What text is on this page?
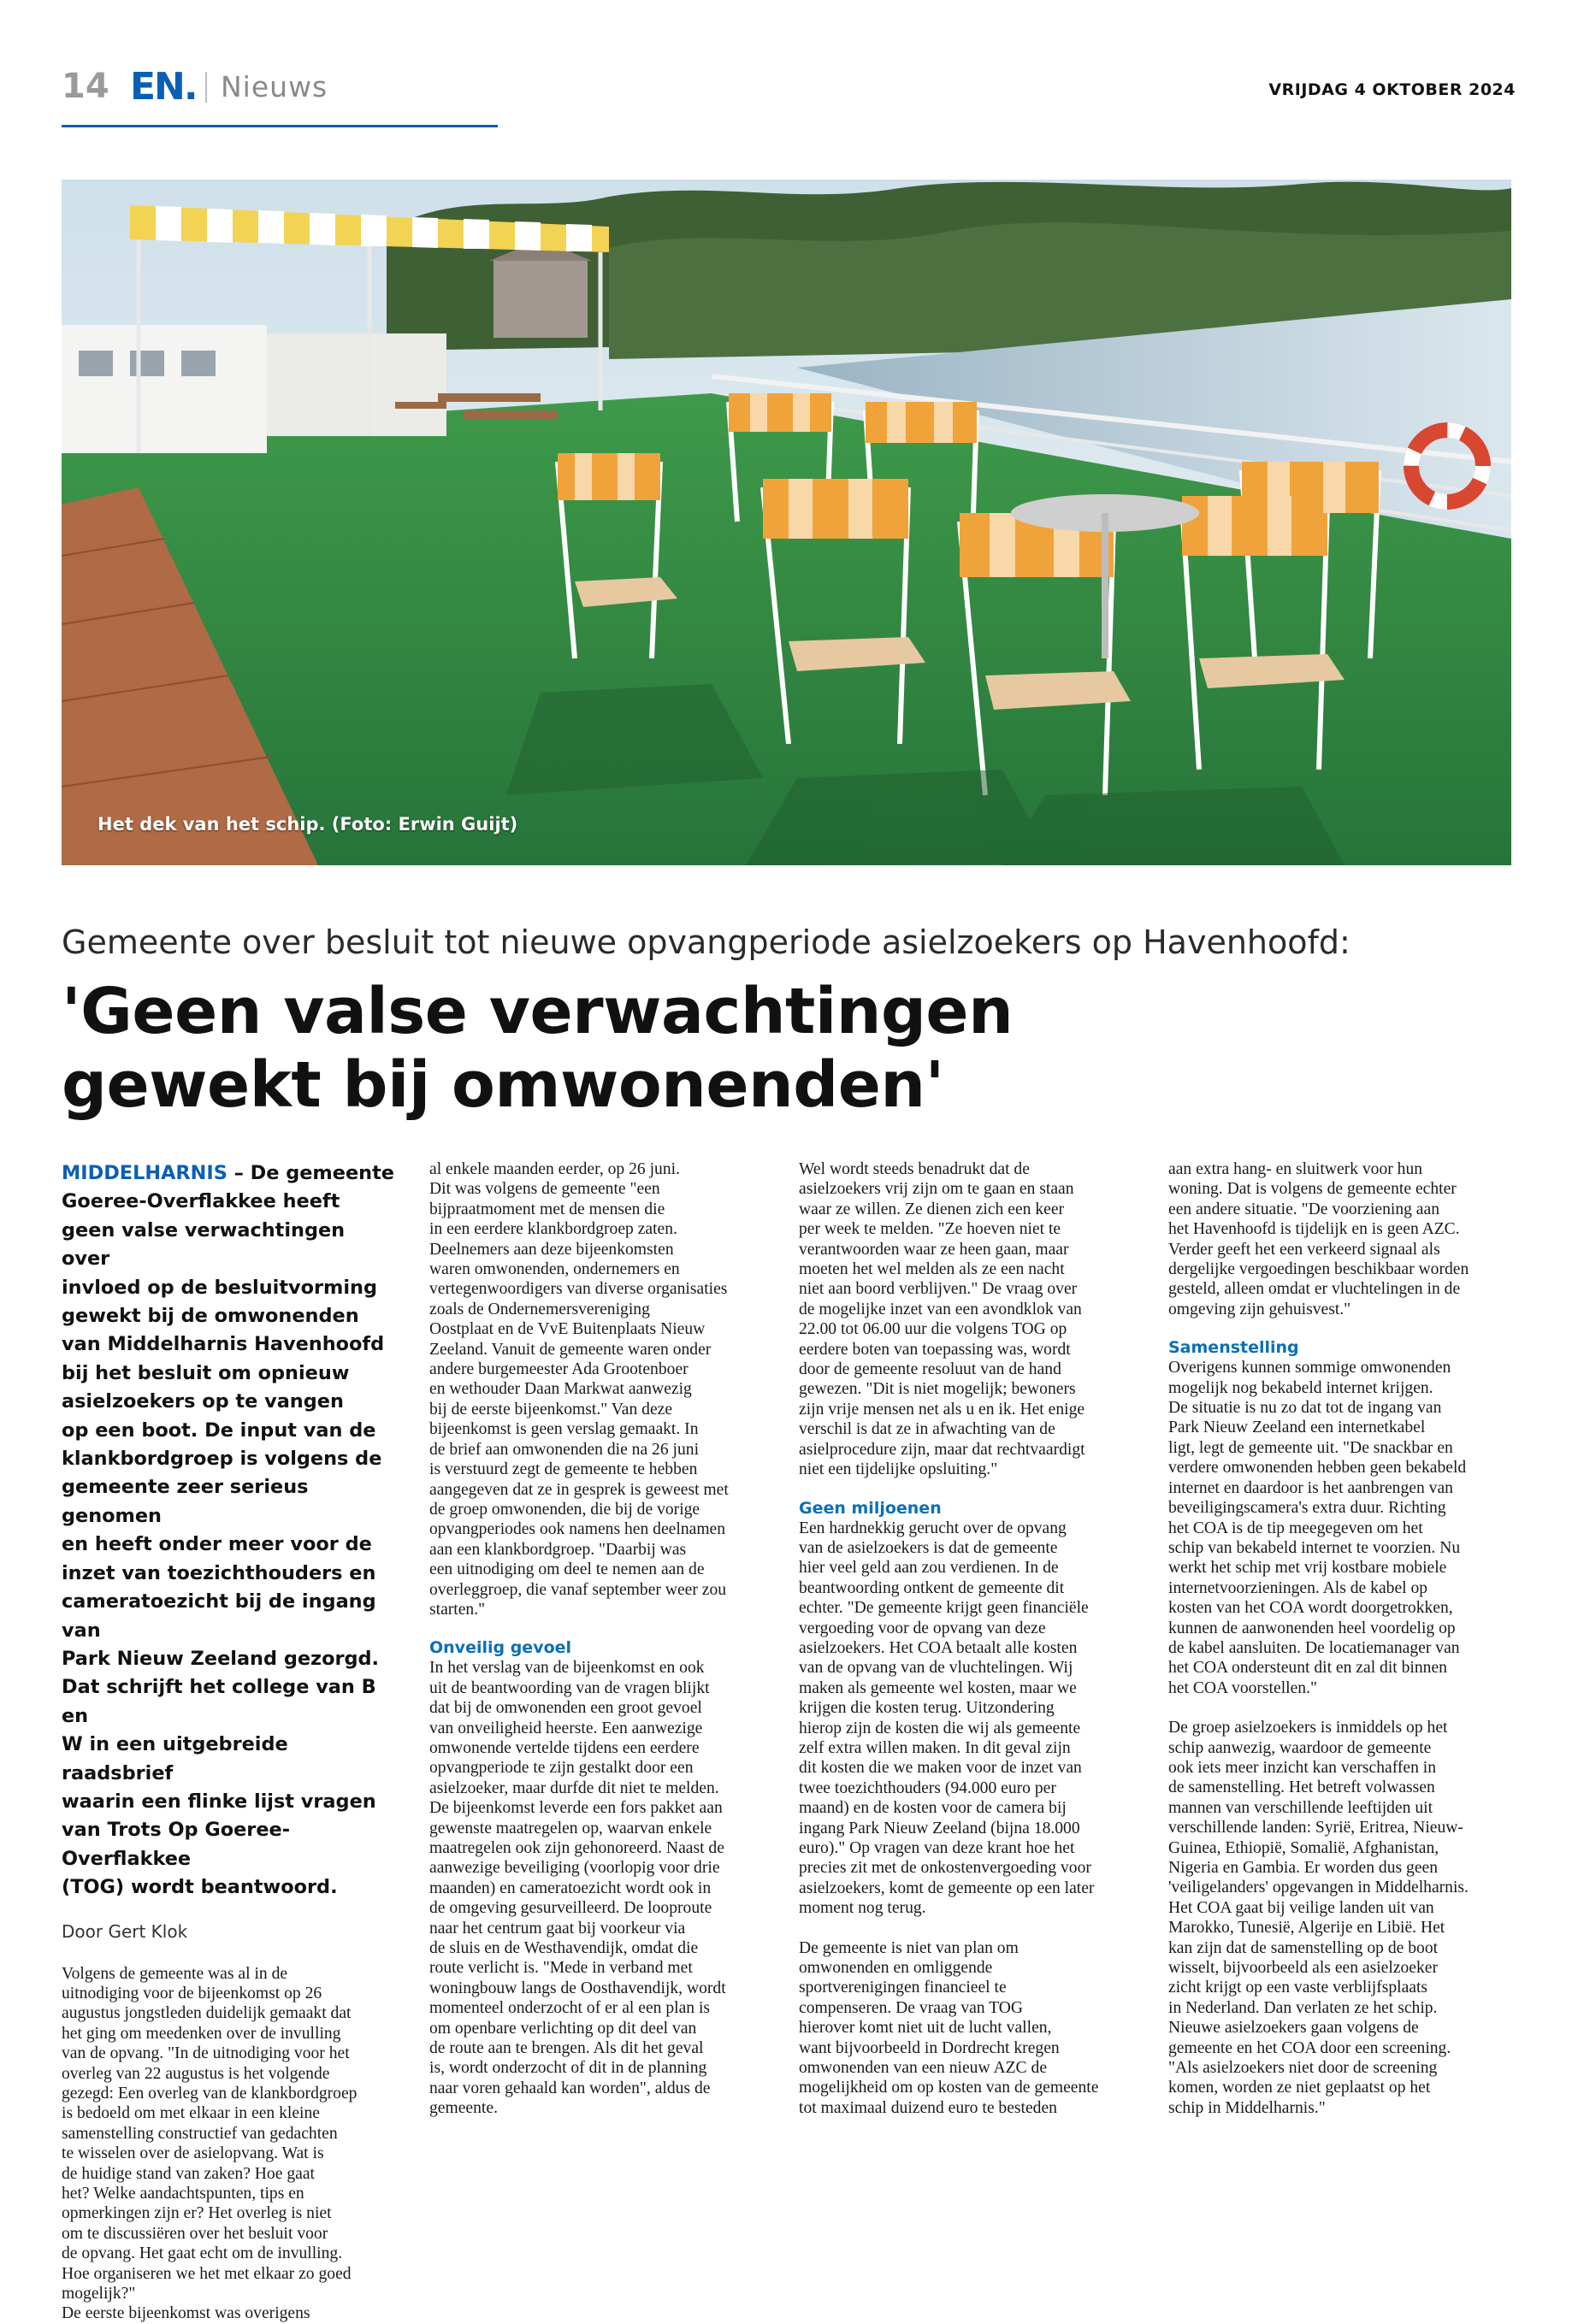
14 EN. Nieuws	VRIJDAG 4 OKTOBER 2024
Het dek van het schip. (Foto: Erwin Guijt)
Gemeente over besluit tot nieuwe opvangperiode asielzoekers op Havenhoofd:
'Geen valse verwachtingen
gewekt bij omwonenden'
MIDDELHARNIS – De gemeente
Goeree-Overflakkee heeft
geen valse verwachtingen over
invloed op de besluitvorming
gewekt bij de omwonenden
van Middelharnis Havenhoofd
bij het besluit om opnieuw
asielzoekers op te vangen
op een boot. De input van de
klankbordgroep is volgens de
gemeente zeer serieus genomen
en heeft onder meer voor de
inzet van toezichthouders en
cameratoezicht bij de ingang van
Park Nieuw Zeeland gezorgd.
Dat schrijft het college van B en
W in een uitgebreide raadsbrief
waarin een flinke lijst vragen
van Trots Op Goeree-Overflakkee
(TOG) wordt beantwoord.
Door Gert Klok

Volgens de gemeente was al in de
uitnodiging voor de bijeenkomst op 26
augustus jongstleden duidelijk gemaakt dat
het ging om meedenken over de invulling
van de opvang. "In de uitnodiging voor het
overleg van 22 augustus is het volgende
gezegd: Een overleg van de klankbordgroep
is bedoeld om met elkaar in een kleine
samenstelling constructief van gedachten
te wisselen over de asielopvang. Wat is
de huidige stand van zaken? Hoe gaat
het? Welke aandachtspunten, tips en
opmerkingen zijn er? Het overleg is niet
om te discussiëren over het besluit voor
de opvang. Het gaat echt om de invulling.
Hoe organiseren we het met elkaar zo goed
mogelijk?"
De eerste bijeenkomst was overigens

al enkele maanden eerder, op 26 juni.
Dit was volgens de gemeente "een
bijpraatmoment met de mensen die
in een eerdere klankbordgroep zaten.
Deelnemers aan deze bijeenkomsten
waren omwonenden, ondernemers en
vertegenwoordigers van diverse organisaties
zoals de Ondernemersvereniging
Oostplaat en de VvE Buitenplaats Nieuw
Zeeland. Vanuit de gemeente waren onder
andere burgemeester Ada Grootenboer
en wethouder Daan Markwat aanwezig
bij de eerste bijeenkomst." Van deze
bijeenkomst is geen verslag gemaakt. In
de brief aan omwonenden die na 26 juni
is verstuurd zegt de gemeente te hebben
aangegeven dat ze in gesprek is geweest met
de groep omwonenden, die bij de vorige
opvangperiodes ook namens hen deelnamen
aan een klankbordgroep. "Daarbij was
een uitnodiging om deel te nemen aan de
overleggroep, die vanaf september weer zou
starten."

Onveilig gevoel

In het verslag van de bijeenkomst en ook
uit de beantwoording van de vragen blijkt
dat bij de omwonenden een groot gevoel
van onveiligheid heerste. Een aanwezige
omwonende vertelde tijdens een eerdere
opvangperiode te zijn gestalkt door een
asielzoeker, maar durfde dit niet te melden.
De bijeenkomst leverde een fors pakket aan
gewenste maatregelen op, waarvan enkele
maatregelen ook zijn gehonoreerd. Naast de
aanwezige beveiliging (voorlopig voor drie
maanden) en cameratoezicht wordt ook in
de omgeving gesurveilleerd. De looproute
naar het centrum gaat bij voorkeur via
de sluis en de Westhavendijk, omdat die
route verlicht is. "Mede in verband met
woningbouw langs de Oosthavendijk, wordt
momenteel onderzocht of er al een plan is
om openbare verlichting op dit deel van
de route aan te brengen. Als dit het geval
is, wordt onderzocht of dit in de planning
naar voren gehaald kan worden", aldus de
gemeente.

Wel wordt steeds benadrukt dat de
asielzoekers vrij zijn om te gaan en staan
waar ze willen. Ze dienen zich een keer
per week te melden. "Ze hoeven niet te
verantwoorden waar ze heen gaan, maar
moeten het wel melden als ze een nacht
niet aan boord verblijven." De vraag over
de mogelijke inzet van een avondklok van
22.00 tot 06.00 uur die volgens TOG op
eerdere boten van toepassing was, wordt
door de gemeente resoluut van de hand
gewezen. "Dit is niet mogelijk; bewoners
zijn vrije mensen net als u en ik. Het enige
verschil is dat ze in afwachting van de
asielprocedure zijn, maar dat rechtvaardigt
niet een tijdelijke opsluiting."

Geen miljoenen

Een hardnekkig gerucht over de opvang
van de asielzoekers is dat de gemeente
hier veel geld aan zou verdienen. In de
beantwoording ontkent de gemeente dit
echter. "De gemeente krijgt geen financiële
vergoeding voor de opvang van deze
asielzoekers. Het COA betaalt alle kosten
van de opvang van de vluchtelingen. Wij
maken als gemeente wel kosten, maar we
krijgen die kosten terug. Uitzondering
hierop zijn de kosten die wij als gemeente
zelf extra willen maken. In dit geval zijn
dit kosten die we maken voor de inzet van
twee toezichthouders (94.000 euro per
maand) en de kosten voor de camera bij
ingang Park Nieuw Zeeland (bijna 18.000
euro)." Op vragen van deze krant hoe het
precies zit met de onkostenvergoeding voor
asielzoekers, komt de gemeente op een later
moment nog terug.

De gemeente is niet van plan om
omwonenden en omliggende
sportverenigingen financieel te
compenseren. De vraag van TOG
hierover komt niet uit de lucht vallen,
want bijvoorbeeld in Dordrecht kregen
omwonenden van een nieuw AZC de
mogelijkheid om op kosten van de gemeente
tot maximaal duizend euro te besteden

aan extra hang- en sluitwerk voor hun
woning. Dat is volgens de gemeente echter
een andere situatie. "De voorziening aan
het Havenhoofd is tijdelijk en is geen AZC.
Verder geeft het een verkeerd signaal als
dergelijke vergoedingen beschikbaar worden
gesteld, alleen omdat er vluchtelingen in de
omgeving zijn gehuisvest."

Samenstelling

Overigens kunnen sommige omwonenden
mogelijk nog bekabeld internet krijgen.
De situatie is nu zo dat tot de ingang van
Park Nieuw Zeeland een internetkabel
ligt, legt de gemeente uit. "De snackbar en
verdere omwonenden hebben geen bekabeld
internet en daardoor is het aanbrengen van
beveiligingscamera's extra duur. Richting
het COA is de tip meegegeven om het
schip van bekabeld internet te voorzien. Nu
werkt het schip met vrij kostbare mobiele
internetvoorzieningen. Als de kabel op
kosten van het COA wordt doorgetrokken,
kunnen de aanwonenden heel voordelig op
de kabel aansluiten. De locatiemanager van
het COA ondersteunt dit en zal dit binnen
het COA voorstellen."

De groep asielzoekers is inmiddels op het
schip aanwezig, waardoor de gemeente
ook iets meer inzicht kan verschaffen in
de samenstelling. Het betreft volwassen
mannen van verschillende leeftijden uit
verschillende landen: Syrië, Eritrea, Nieuw-
Guinea, Ethiopië, Somalië, Afghanistan,
Nigeria en Gambia. Er worden dus geen
'veiligelanders' opgevangen in Middelharnis.
Het COA gaat bij veilige landen uit van
Marokko, Tunesië, Algerije en Libië. Het
kan zijn dat de samenstelling op de boot
wisselt, bijvoorbeeld als een asielzoeker
zicht krijgt op een vaste verblijfsplaats
in Nederland. Dan verlaten ze het schip.
Nieuwe asielzoekers gaan volgens de
gemeente en het COA door een screening.
"Als asielzoekers niet door de screening
komen, worden ze niet geplaatst op het
schip in Middelharnis."
